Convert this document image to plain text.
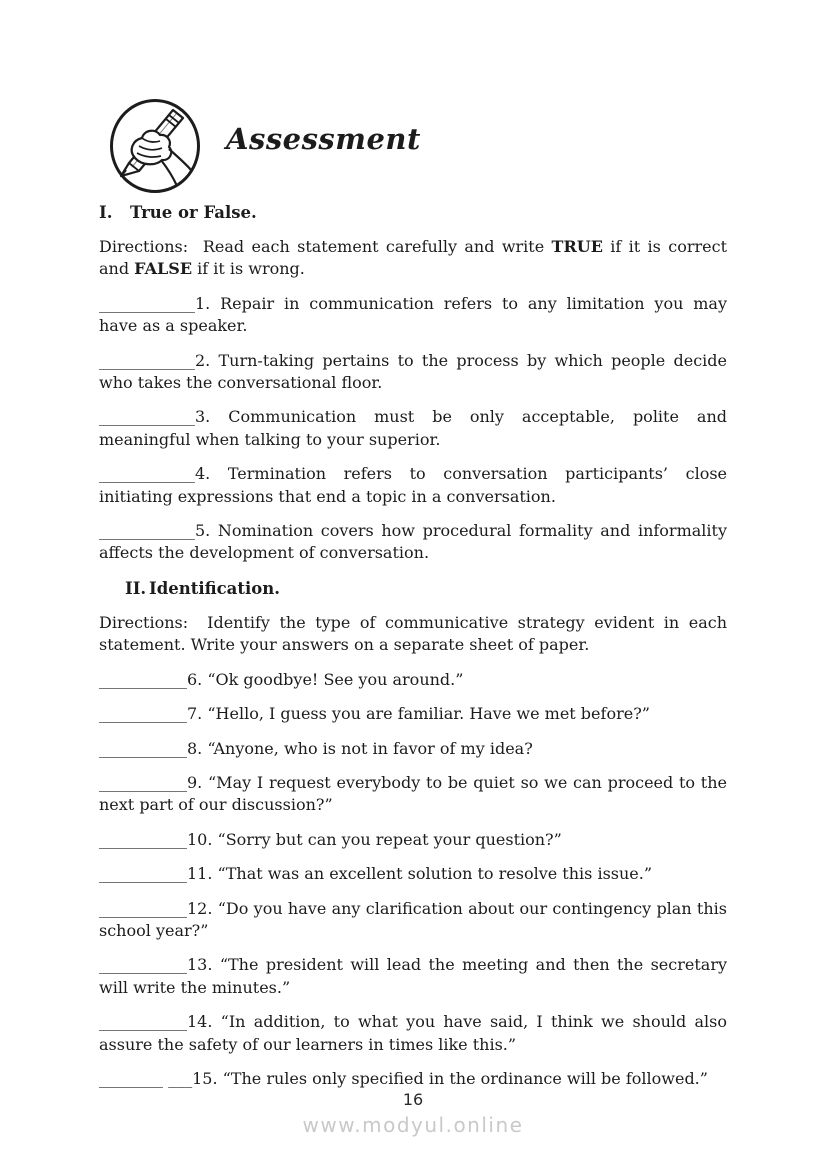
Assessment
I. True or False.

Directions:  Read each statement carefully and write TRUE if it is correct and FALSE if it is wrong.

____________1. Repair in communication refers to any limitation you may have as a speaker.

____________2. Turn-taking pertains to the process by which people decide who takes the conversational floor.

____________3. Communication must be only acceptable, polite and meaningful when talking to your superior.

____________4. Termination refers to conversation participants’ close initiating expressions that end a topic in a conversation.

____________5. Nomination covers how procedural formality and informality affects the development of conversation.

II. Identification.

Directions:  Identify the type of communicative strategy evident in each statement. Write your answers on a separate sheet of paper.

___________6. “Ok goodbye! See you around.”

___________7. “Hello, I guess you are familiar. Have we met before?”

___________8. “Anyone, who is not in favor of my idea?

___________9. “May I request everybody to be quiet so we can proceed to the next part of our discussion?”

___________10. “Sorry but can you repeat your question?”

___________11. “That was an excellent solution to resolve this issue.”

___________12. “Do you have any clarification about our contingency plan this school year?”

___________13. “The president will lead the meeting and then the secretary will write the minutes.”

___________14. “In addition, to what you have said, I think we should also assure the safety of our learners in times like this.”

________ ___15. “The rules only specified in the ordinance will be followed.”

16
www.modyul.online
